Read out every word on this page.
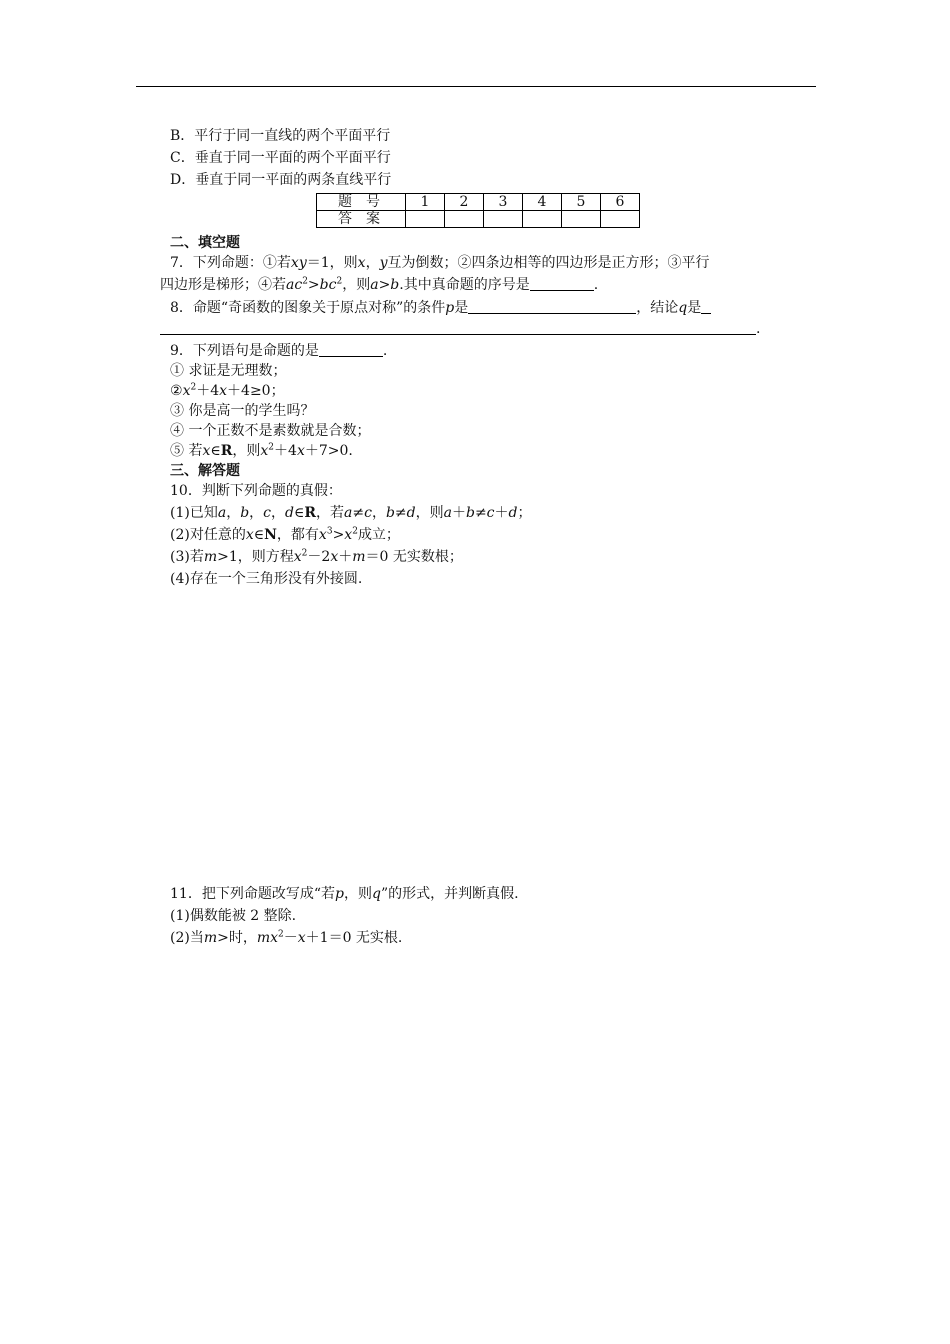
B．平行于同一直线的两个平面平行
C．垂直于同一平面的两个平面平行
D．垂直于同一平面的两条直线平行
题号	1	2	3	4	5	6
答案						
二、填空题
7．下列命题：①若xy＝1，则x，y互为倒数；②四条边相等的四边形是正方形；③平行
四边形是梯形；④若$ac^2>bc^2$，则a>b.其中真命题的序号是	.
8．命题“奇函数的图象关于原点对称”的条件p是	，结论q是
.
9．下列语句是命题的是	.
① 求证是无理数；
$②x^2+4x+4\ge 0$；
③ 你是高一的学生吗？
④ 一个正数不是素数就是合数；
⑤ 若x∈R，则$x^2+4x+7>0$.
三、解答题
10．判断下列命题的真假：
(1)已知a，b，c，d∈R，若a≠c，b≠d，则a＋b≠c＋d；
(2)对任意的x∈N，都有$x^3>x^2$成立；
(3)若m>1，则方程$x^2-2x+m=0$ 无实数根；
(4)存在一个三角形没有外接圆.
11．把下列命题改写成“若p，则q”的形式，并判断真假.
(1)偶数能被 2 整除.
(2)当m>时，$mx^2-x+1=0$ 无实根.
